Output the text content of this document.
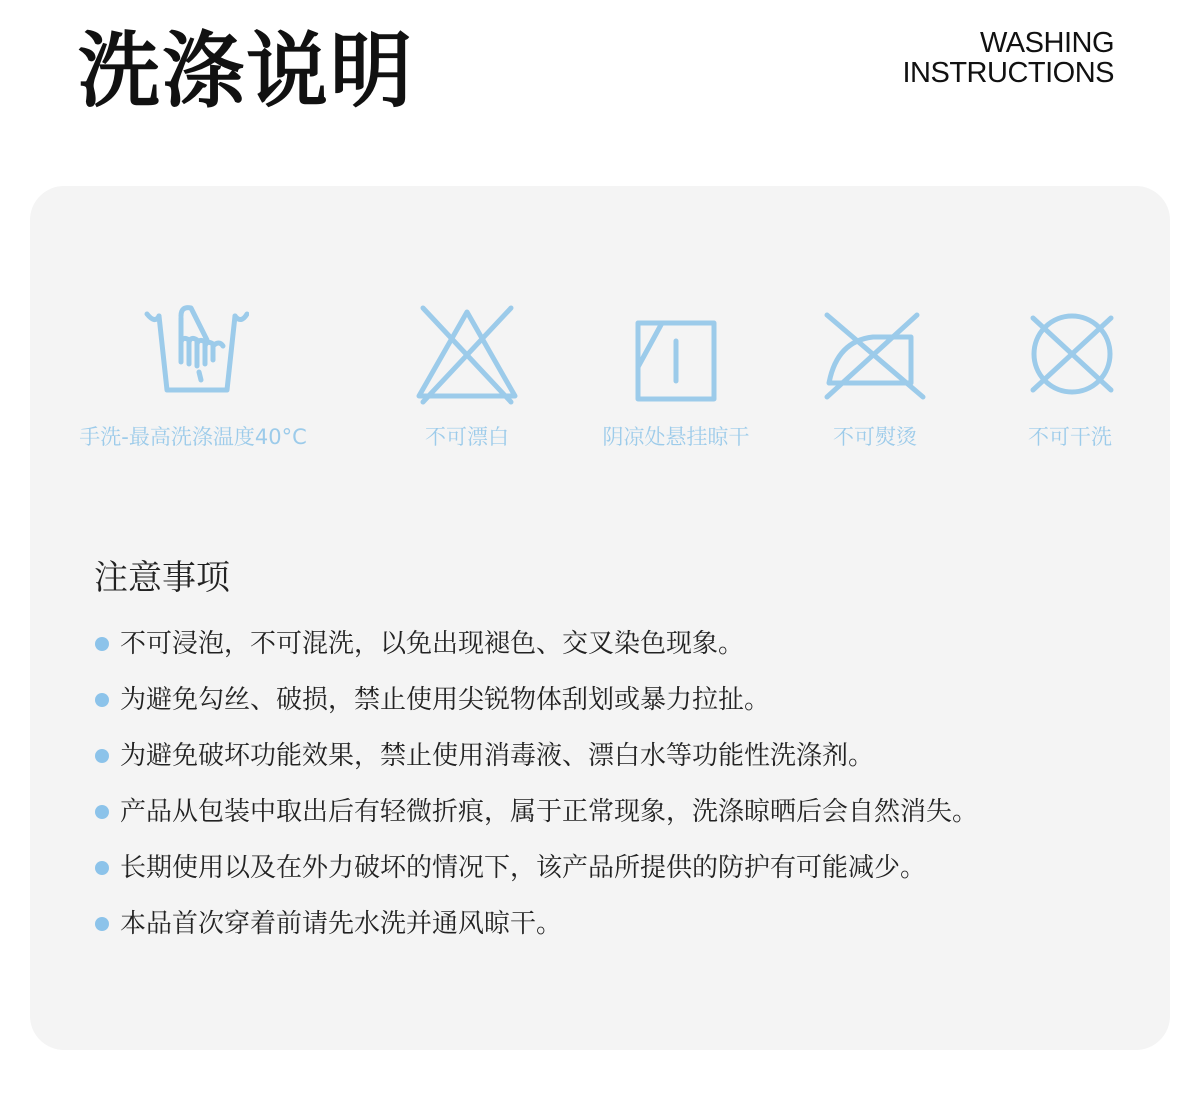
洗涤说明	WASHING
INSTRUCTIONS
手洗-最高洗涤温度40°C	不可漂白	阴凉处悬挂晾干	不可熨烫	不可干洗
注意事项
不可浸泡，不可混洗，以免出现褪色、交叉染色现象。
为避免勾丝、破损，禁止使用尖锐物体刮划或暴力拉扯。
为避免破坏功能效果，禁止使用消毒液、漂白水等功能性洗涤剂。
产品从包装中取出后有轻微折痕，属于正常现象，洗涤晾晒后会自然消失。
长期使用以及在外力破坏的情况下，该产品所提供的防护有可能减少。
本品首次穿着前请先水洗并通风晾干。
